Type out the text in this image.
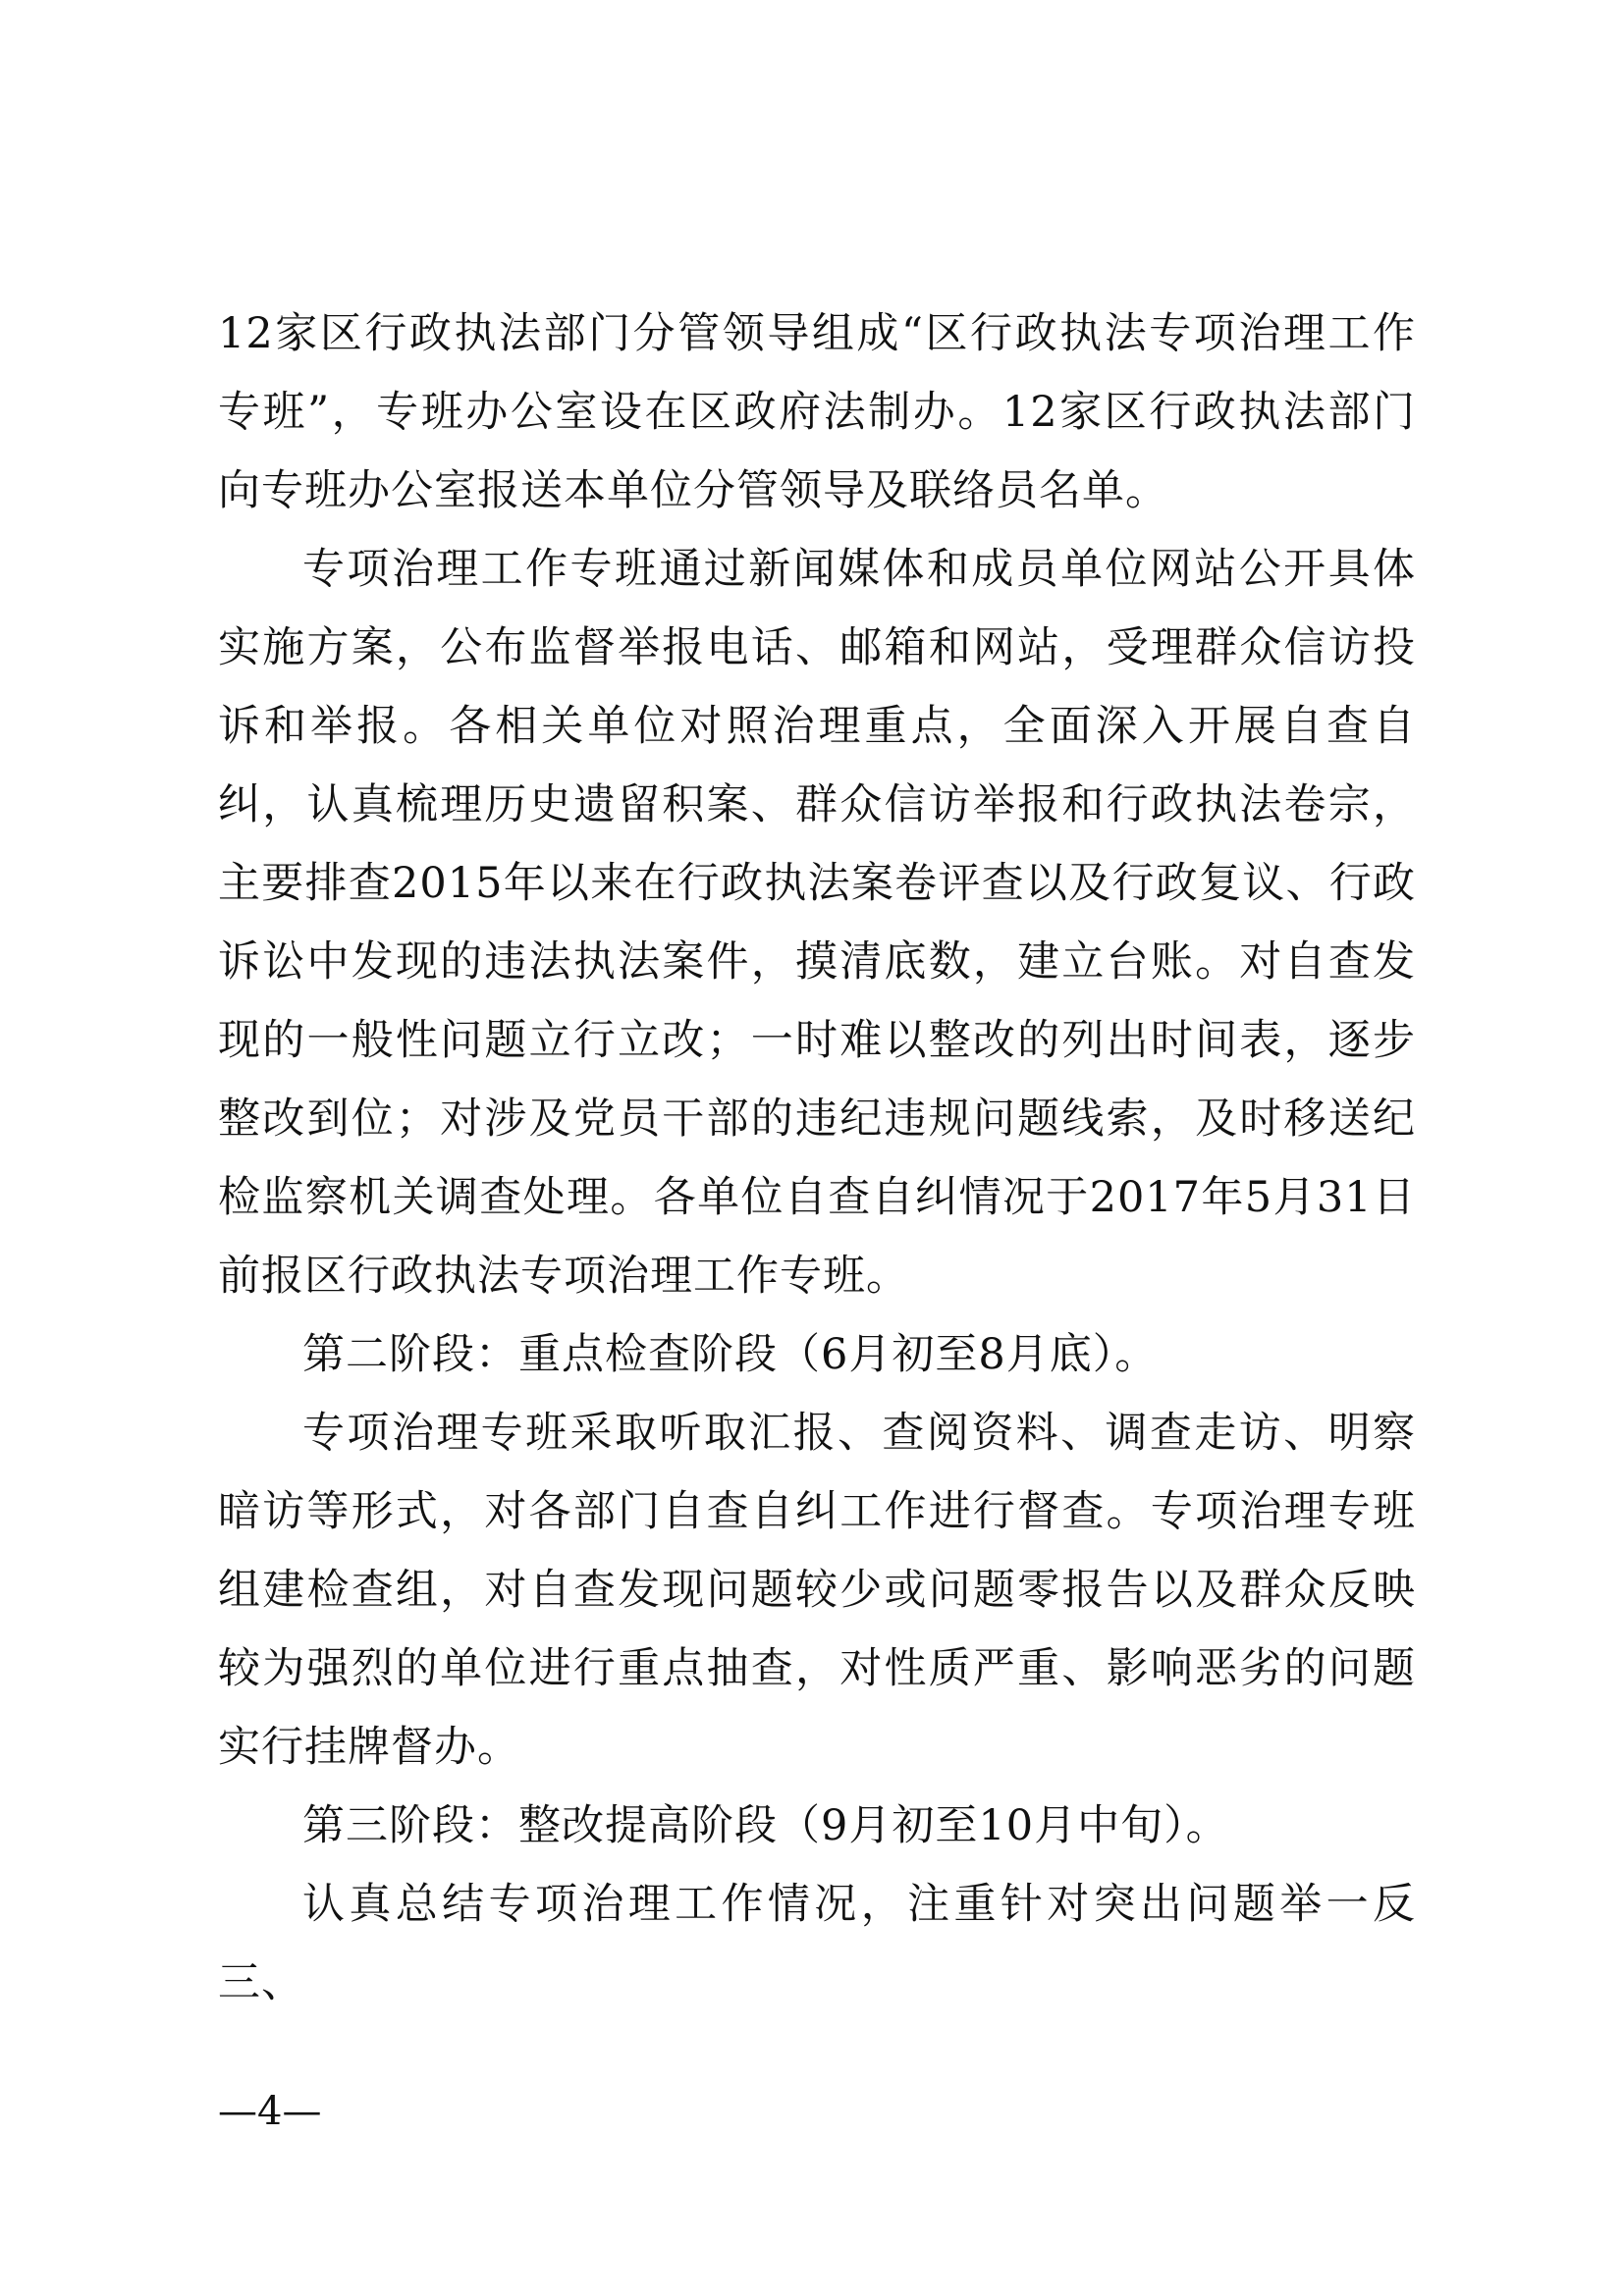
12家区行政执法部门分管领导组成“区行政执法专项治理工作专班”，专班办公室设在区政府法制办。12家区行政执法部门向专班办公室报送本单位分管领导及联络员名单。

专项治理工作专班通过新闻媒体和成员单位网站公开具体实施方案，公布监督举报电话、邮箱和网站，受理群众信访投诉和举报。各相关单位对照治理重点，全面深入开展自查自纠，认真梳理历史遗留积案、群众信访举报和行政执法卷宗，主要排查2015年以来在行政执法案卷评查以及行政复议、行政诉讼中发现的违法执法案件，摸清底数，建立台账。对自查发现的一般性问题立行立改；一时难以整改的列出时间表，逐步整改到位；对涉及党员干部的违纪违规问题线索，及时移送纪检监察机关调查处理。各单位自查自纠情况于2017年5月31日前报区行政执法专项治理工作专班。

第二阶段：重点检查阶段（6月初至8月底）。

专项治理专班采取听取汇报、查阅资料、调查走访、明察暗访等形式，对各部门自查自纠工作进行督查。专项治理专班组建检查组，对自查发现问题较少或问题零报告以及群众反映较为强烈的单位进行重点抽查，对性质严重、影响恶劣的问题实行挂牌督办。

第三阶段：整改提高阶段（9月初至10月中旬）。

认真总结专项治理工作情况，注重针对突出问题举一反三、

—4—
